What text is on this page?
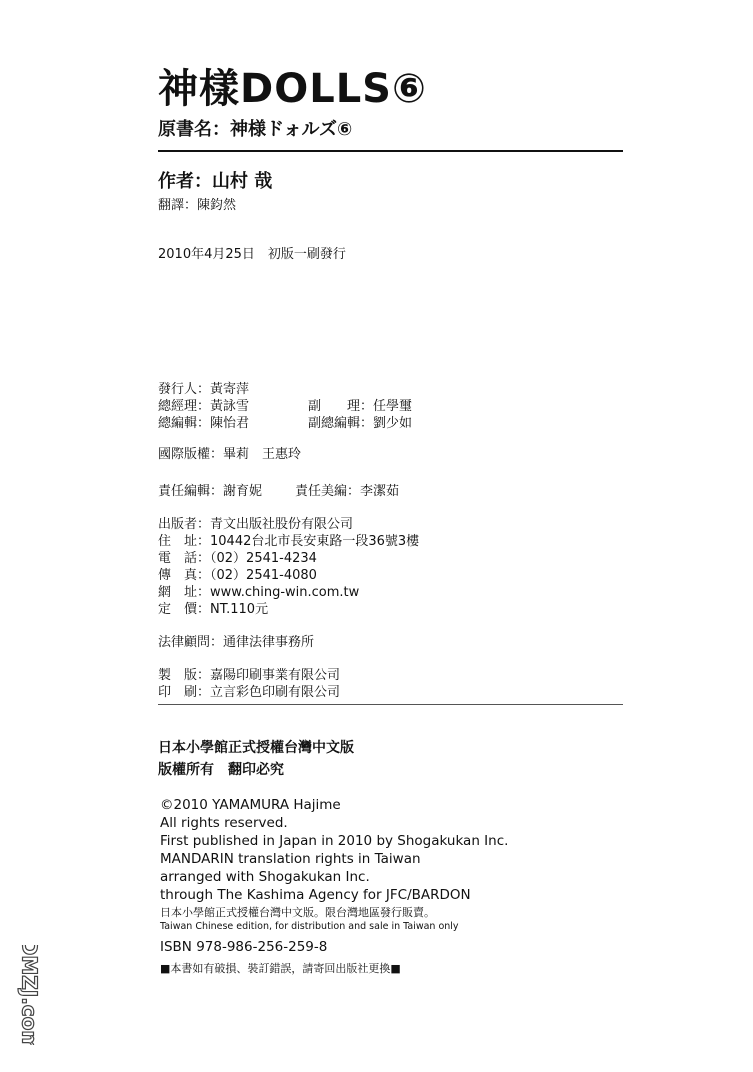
神樣DOLLS⑥
原書名：神様ドォルズ⑥
作者：山村 哉
翻譯：陳鈞然
2010年4月25日　初版一刷發行
發行人：黃寄萍
總經理：黃詠雪	副　　理：任學璽
總編輯：陳怡君	副總編輯：劉少如
國際版權：畢莉　王惠玲
責任編輯：謝育妮	責任美編：李潔茹
出版者：青文出版社股份有限公司
住　址：10442台北市長安東路一段36號3樓
電　話：（02）2541-4234
傳　真：（02）2541-4080
網　址：www.ching-win.com.tw
定　價：NT.110元
法律顧問：通律法律事務所
製　版：嘉陽印刷事業有限公司
印　刷：立言彩色印刷有限公司
日本小學館正式授權台灣中文版
版權所有　翻印必究
©2010 YAMAMURA Hajime
All rights reserved.
First published in Japan in 2010 by Shogakukan Inc.
MANDARIN translation rights in Taiwan
arranged with Shogakukan Inc.
through The Kashima Agency for JFC/BARDON
日本小學館正式授權台灣中文版。限台灣地區發行販賣。
Taiwan Chinese edition, for distribution and sale in Taiwan only
ISBN 978-986-256-259-8
■本書如有破損、裝訂錯誤，請寄回出版社更換■
DMZJ.com
